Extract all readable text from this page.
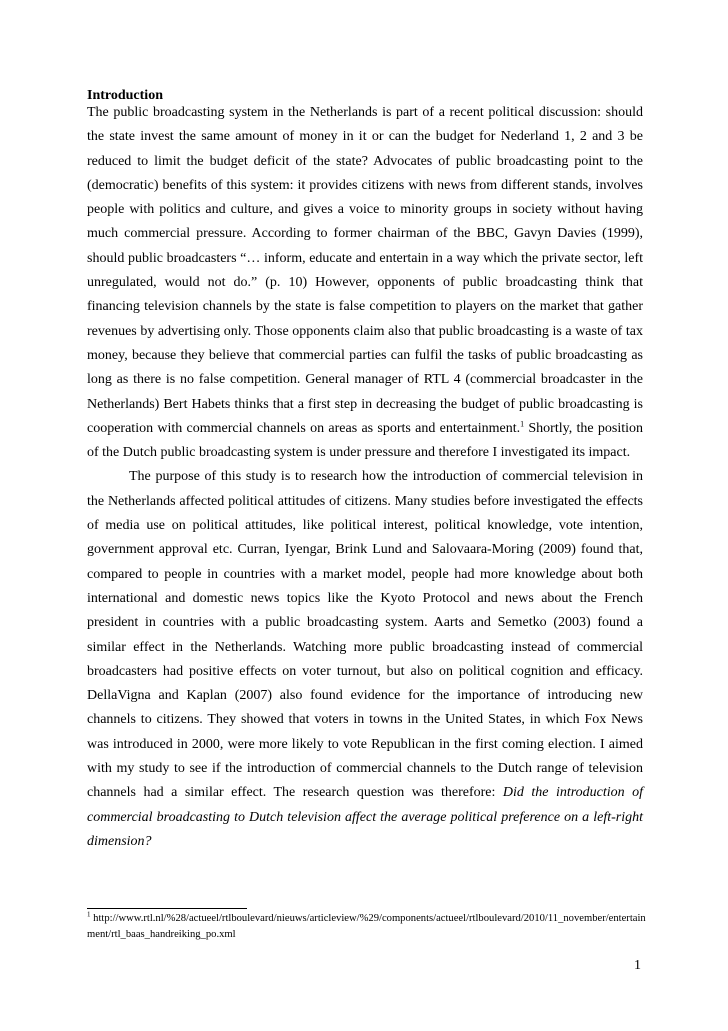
Introduction

The public broadcasting system in the Netherlands is part of a recent political discussion: should the state invest the same amount of money in it or can the budget for Nederland 1, 2 and 3 be reduced to limit the budget deficit of the state? Advocates of public broadcasting point to the (democratic) benefits of this system: it provides citizens with news from different stands, involves people with politics and culture, and gives a voice to minority groups in society without having much commercial pressure. According to former chairman of the BBC, Gavyn Davies (1999), should public broadcasters “… inform, educate and entertain in a way which the private sector, left unregulated, would not do.” (p. 10) However, opponents of public broadcasting think that financing television channels by the state is false competition to players on the market that gather revenues by advertising only. Those opponents claim also that public broadcasting is a waste of tax money, because they believe that commercial parties can fulfil the tasks of public broadcasting as long as there is no false competition. General manager of RTL 4 (commercial broadcaster in the Netherlands) Bert Habets thinks that a first step in decreasing the budget of public broadcasting is cooperation with commercial channels on areas as sports and entertainment.$^1$ Shortly, the position of the Dutch public broadcasting system is under pressure and therefore I investigated its impact.

The purpose of this study is to research how the introduction of commercial television in the Netherlands affected political attitudes of citizens. Many studies before investigated the effects of media use on political attitudes, like political interest, political knowledge, vote intention, government approval etc. Curran, Iyengar, Brink Lund and Salovaara-Moring (2009) found that, compared to people in countries with a market model, people had more knowledge about both international and domestic news topics like the Kyoto Protocol and news about the French president in countries with a public broadcasting system. Aarts and Semetko (2003) found a similar effect in the Netherlands. Watching more public broadcasting instead of commercial broadcasters had positive effects on voter turnout, but also on political cognition and efficacy. DellaVigna and Kaplan (2007) also found evidence for the importance of introducing new channels to citizens. They showed that voters in towns in the United States, in which Fox News was introduced in 2000, were more likely to vote Republican in the first coming election. I aimed with my study to see if the introduction of commercial channels to the Dutch range of television channels had a similar effect. The research question was therefore: Did the introduction of commercial broadcasting to Dutch television affect the average political preference on a left-right dimension?

$^1$ http://www.rtl.nl/%28/actueel/rtlboulevard/nieuws/articleview/%29/components/actueel/rtlboulevard/2010/11_november/entertainment/rtl_baas_handreiking_po.xml
1
